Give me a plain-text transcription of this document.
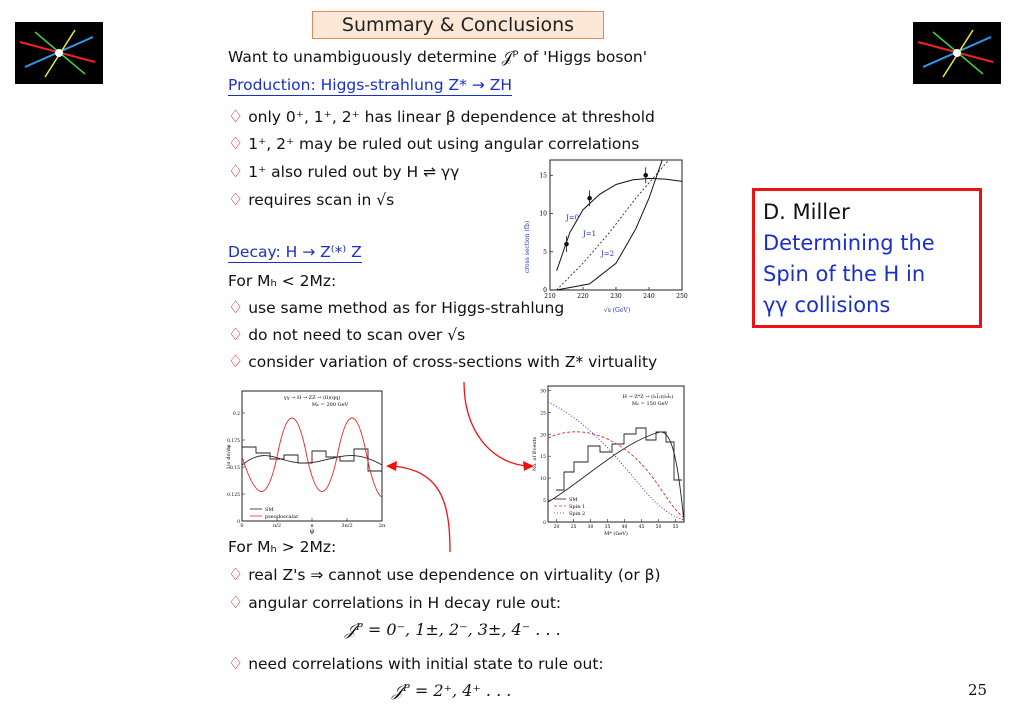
Summary & Conclusions
Want to unambiguously determine 𝒥ᴾ of 'Higgs boson'
Production: Higgs-strahlung Z* → ZH
♢ only 0⁺, 1⁺, 2⁺ has linear β dependence at threshold
♢ 1⁺, 2⁺ may be ruled out using angular correlations
♢ 1⁺ also ruled out by H ⇌ γγ
♢ requires scan in √s
210	220	230	240	250
0
5
10
15
√s (GeV)
cross section (fb)
J=0
J=1
J=2
Decay: H → Z⁽*⁾ Z
For Mₕ < 2Mᴢ:
♢ use same method as for Higgs-strahlung
♢ do not need to scan over √s
♢ consider variation of cross-sections with Z* virtuality
γγ → H → ZZ → (ll)(qq)
Mₕ = 200 GeV
0	π/2	π	3π/2	2π
0
0.125
0.15
0.175
0.2
SM
pseudoscalar
φ
1/σ dσ/dφ
H → Z*Z → (l₁l̅₁)(l₂l̅₂)
Mₕ = 150 GeV
20	25	30	35	40	45	50	55
0
5
10
15
20
25
30
SM
Spin 1
Spin 2
M* (GeV)
No. of Events
For Mₕ > 2Mᴢ:
♢ real Z's ⇒ cannot use dependence on virtuality (or β)
♢ angular correlations in H decay rule out:
𝒥ᴾ = 0⁻, 1±, 2⁻, 3±, 4⁻ . . .
♢ need correlations with initial state to rule out:
𝒥ᴾ = 2⁺, 4⁺ . . .
D. Miller
Determining the
Spin of the H in
γγ collisions
25
